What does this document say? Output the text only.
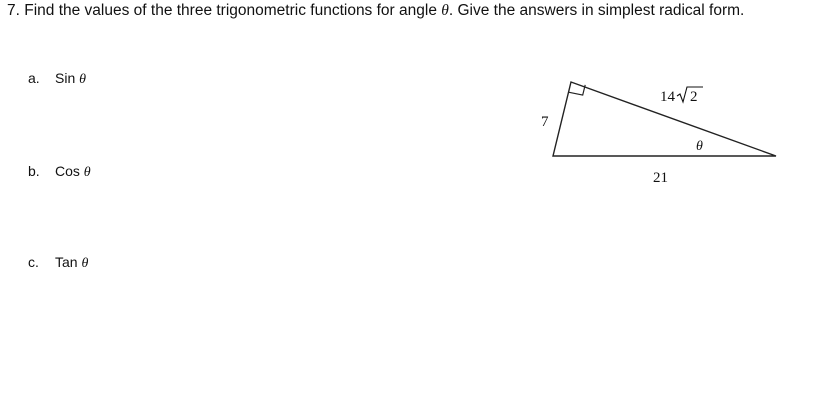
7. Find the values of the three trigonometric functions for angle θ. Give the answers in simplest radical form.
a. Sin θ
b. Cos θ
c. Tan θ
7
14 2
θ
21
